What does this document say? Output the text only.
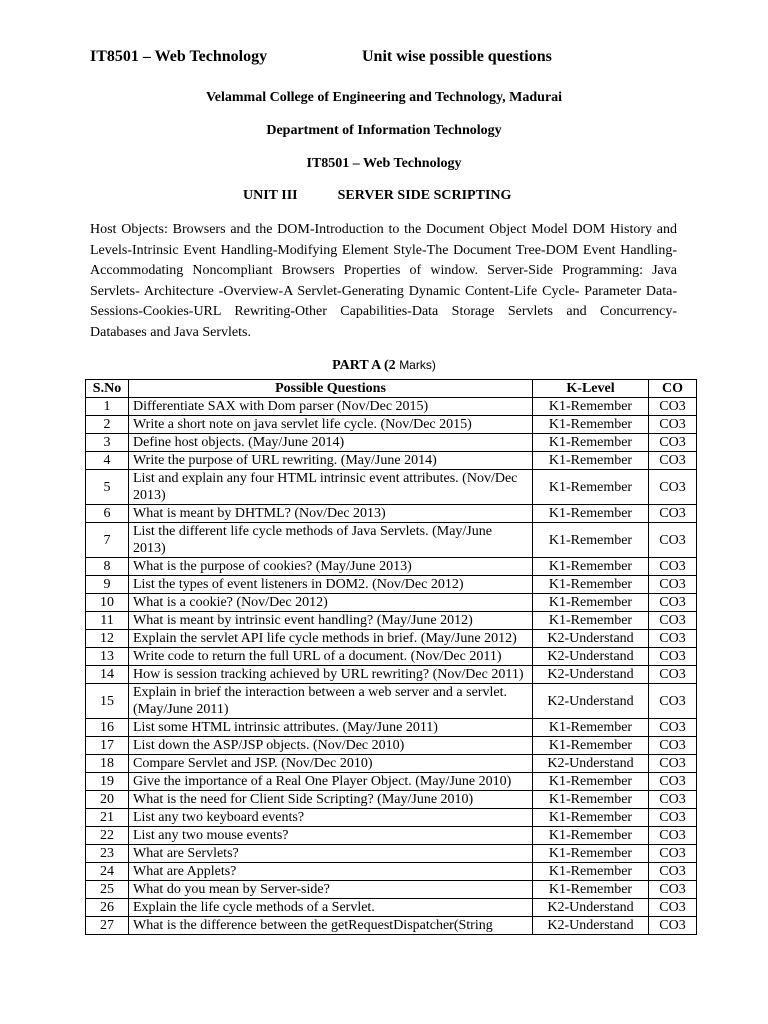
IT8501 – Web Technology	Unit wise possible questions
Velammal College of Engineering and Technology, Madurai
Department of Information Technology
IT8501 – Web Technology
UNIT III	SERVER SIDE SCRIPTING

Host Objects: Browsers and the DOM-Introduction to the Document Object Model DOM History and Levels-Intrinsic Event Handling-Modifying Element Style-The Document Tree-DOM Event Handling-Accommodating Noncompliant Browsers Properties of window. Server-Side Programming: Java Servlets- Architecture -Overview-A Servlet-Generating Dynamic Content-Life Cycle- Parameter Data-Sessions-Cookies-URL Rewriting-Other Capabilities-Data Storage Servlets and Concurrency- Databases and Java Servlets.

PART A (2 Marks)
S.No	Possible Questions	K-Level	CO
1	Differentiate SAX with Dom parser (Nov/Dec 2015)	K1-Remember	CO3
2	Write a short note on java servlet life cycle. (Nov/Dec 2015)	K1-Remember	CO3
3	Define host objects. (May/June 2014)	K1-Remember	CO3
4	Write the purpose of URL rewriting. (May/June 2014)	K1-Remember	CO3
5	List and explain any four HTML intrinsic event attributes. (Nov/Dec 2013)	K1-Remember	CO3
6	What is meant by DHTML? (Nov/Dec 2013)	K1-Remember	CO3
7	List the different life cycle methods of Java Servlets. (May/June 2013)	K1-Remember	CO3
8	What is the purpose of cookies? (May/June 2013)	K1-Remember	CO3
9	List the types of event listeners in DOM2. (Nov/Dec 2012)	K1-Remember	CO3
10	What is a cookie? (Nov/Dec 2012)	K1-Remember	CO3
11	What is meant by intrinsic event handling? (May/June 2012)	K1-Remember	CO3
12	Explain the servlet API life cycle methods in brief. (May/June 2012)	K2-Understand	CO3
13	Write code to return the full URL of a document. (Nov/Dec 2011)	K2-Understand	CO3
14	How is session tracking achieved by URL rewriting? (Nov/Dec 2011)	K2-Understand	CO3
15	Explain in brief the interaction between a web server and a servlet. (May/June 2011)	K2-Understand	CO3
16	List some HTML intrinsic attributes. (May/June 2011)	K1-Remember	CO3
17	List down the ASP/JSP objects. (Nov/Dec 2010)	K1-Remember	CO3
18	Compare Servlet and JSP. (Nov/Dec 2010)	K2-Understand	CO3
19	Give the importance of a Real One Player Object. (May/June 2010)	K1-Remember	CO3
20	What is the need for Client Side Scripting? (May/June 2010)	K1-Remember	CO3
21	List any two keyboard events?	K1-Remember	CO3
22	List any two mouse events?	K1-Remember	CO3
23	What are Servlets?	K1-Remember	CO3
24	What are Applets?	K1-Remember	CO3
25	What do you mean by Server-side?	K1-Remember	CO3
26	Explain the life cycle methods of a Servlet.	K2-Understand	CO3
27	What is the difference between the getRequestDispatcher(String	K2-Understand	CO3
